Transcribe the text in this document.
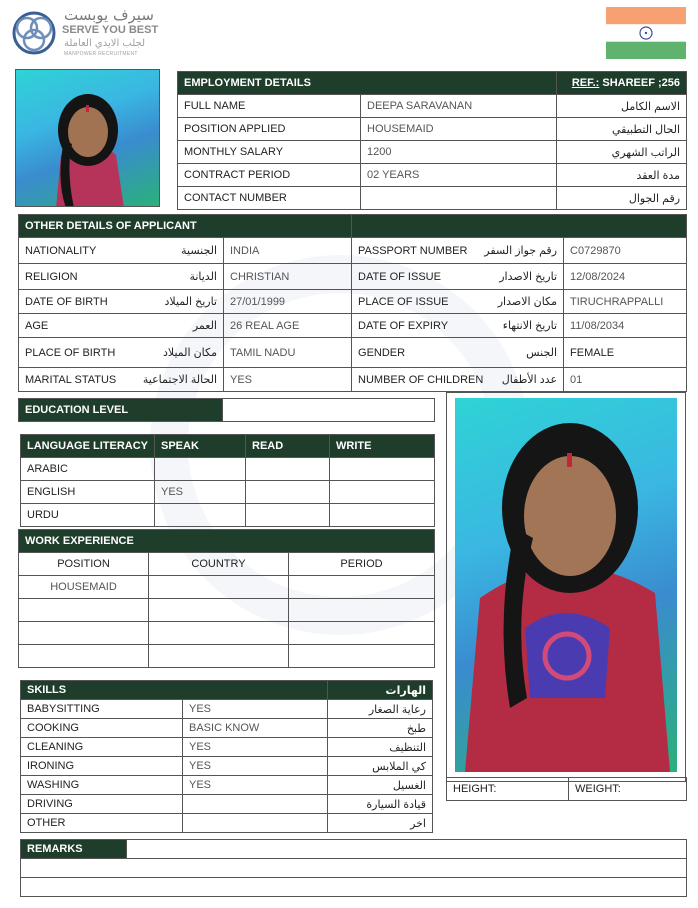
سيرف يوبست
SERVE YOU BEST
لجلب الايدي العاملة
MANPOWER RECRUITMENT
EMPLOYMENT DETAILS		REF.: SHAREEF ;256
FULL NAME	DEEPA SARAVANAN	الاسم الكامل
POSITION APPLIED	HOUSEMAID	الحال التطبيقي
MONTHLY SALARY	1200	الراتب الشهري
CONTRACT PERIOD	02 YEARS	مدة العقد
CONTACT NUMBER		رقم الجوال
OTHER DETAILS OF APPLICANT			

NATIONALITY الجنسية	INDIA	PASSPORT NUMBER رقم جواز السفر	C0729870

RELIGION الديانة	CHRISTIAN	DATE OF ISSUE تاريخ الاصدار	12/08/2024

DATE OF BIRTH تاريخ الميلاد	27/01/1999	PLACE OF ISSUE مكان الاصدار	TIRUCHRAPPALLI

AGE العمر	26 REAL AGE	DATE OF EXPIRY تاريخ الانتهاء	11/08/2034

PLACE OF BIRTH مكان الميلاد	TAMIL NADU	GENDER الجنس	FEMALE

MARITAL STATUS الحالة الاجتماعية	YES	NUMBER OF CHILDREN عدد الأطفال	01
EDUCATION LEVEL	
LANGUAGE LITERACY	SPEAK	READ	WRITE
ARABIC			
ENGLISH	YES		
URDU			
WORK EXPERIENCE		
POSITION	COUNTRY	PERIOD
HOUSEMAID		

SKILLS		الهارات
BABYSITTING	YES	رعاية الصغار
COOKING	BASIC KNOW	طبخ
CLEANING	YES	التنظيف
IRONING	YES	كي الملابس
WASHING	YES	الغسيل
DRIVING		قيادة السيارة
OTHER		اخر
HEIGHT:	WEIGHT:
REMARKS	
